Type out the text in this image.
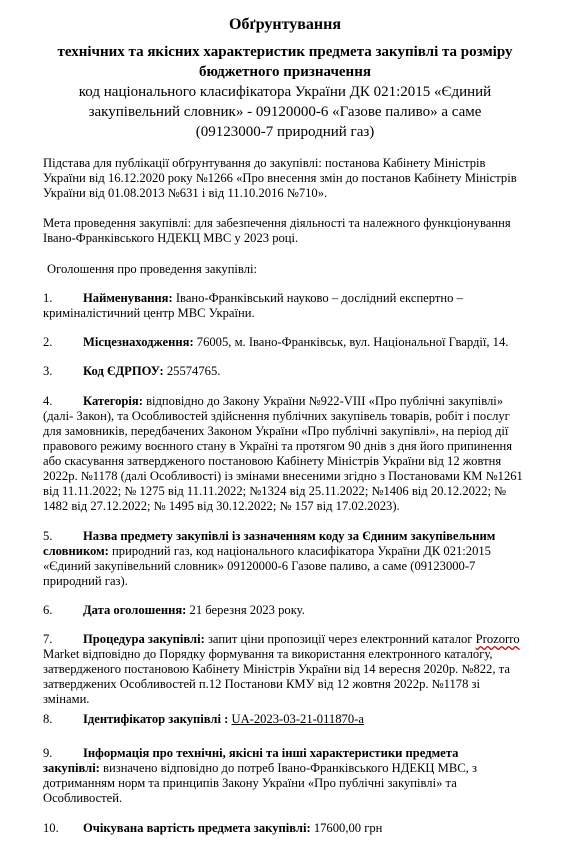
Обґрунтування
технічних та якісних характеристик предмета закупівлі та розміру
бюджетного призначення
код національного класифікатора України ДК 021:2015 «Єдиний
закупівельний словник» - 09120000-6 «Газове паливо» а саме
(09123000-7 природний газ)
Підстава для публікації обґрунтування до закупівлі: постанова Кабінету Міністрів
України від 16.12.2020 року №1266 «Про внесення змін до постанов Кабінету Міністрів
України від 01.08.2013 №631 і від 11.10.2016 №710».
Мета проведення закупівлі: для забезпечення діяльності та належного функціонування
Івано-Франківського НДЕКЦ МВС у 2023 році.
Оголошення про проведення закупівлі:
1. Найменування: Івано-Франківський науково – дослідний експертно –
криміналістичний центр МВС України.
2. Місцезнаходження: 76005, м. Івано-Франківськ, вул. Національної Гвардії, 14.
3. Код ЄДРПОУ: 25574765.
4. Категорія: відповідно до Закону України №922-VIII «Про публічні закупівлі»
(далі- Закон), та Особливостей здійснення публічних закупівель товарів, робіт і послуг
для замовників, передбачених Законом України «Про публічні закупівлі», на період дії
правового режиму воєнного стану в Україні та протягом 90 днів з дня його припинення
або скасування затвердженого постановою Кабінету Міністрів України від 12 жовтня
2022р. №1178 (далі Особливості) із змінами внесеними згідно з Постановами КМ №1261
від 11.11.2022; № 1275 від 11.11.2022; №1324 від 25.11.2022; №1406 від 20.12.2022; №
1482 від 27.12.2022; № 1495 від 30.12.2022; № 157 від 17.02.2023).
5. Назва предмету закупівлі із зазначенням коду за Єдиним закупівельним
словником: природний газ, код національного класифікатора України ДК 021:2015
«Єдиний закупівельний словник» 09120000-6 Газове паливо, а саме (09123000-7
природний газ).
6. Дата оголошення: 21 березня 2023 року.
7. Процедура закупівлі: запит ціни пропозиції через електронний каталог Prozorro
Market відповідно до Порядку формування та використання електронного каталогу,
затвердженого постановою Кабінету Міністрів України від 14 вересня 2020р. №822, та
затверджених Особливостей п.12 Постанови КМУ від 12 жовтня 2022р. №1178 зі
змінами.
8. Ідентифікатор закупівлі : UA-2023-03-21-011870-a
9. Інформація про технічні, якісні та інші характеристики предмета
закупівлі: визначено відповідно до потреб Івано-Франківського НДЕКЦ МВС, з
дотриманням норм та принципів Закону України «Про публічні закупівлі» та
Особливостей.
10. Очікувана вартість предмета закупівлі: 17600,00 грн
